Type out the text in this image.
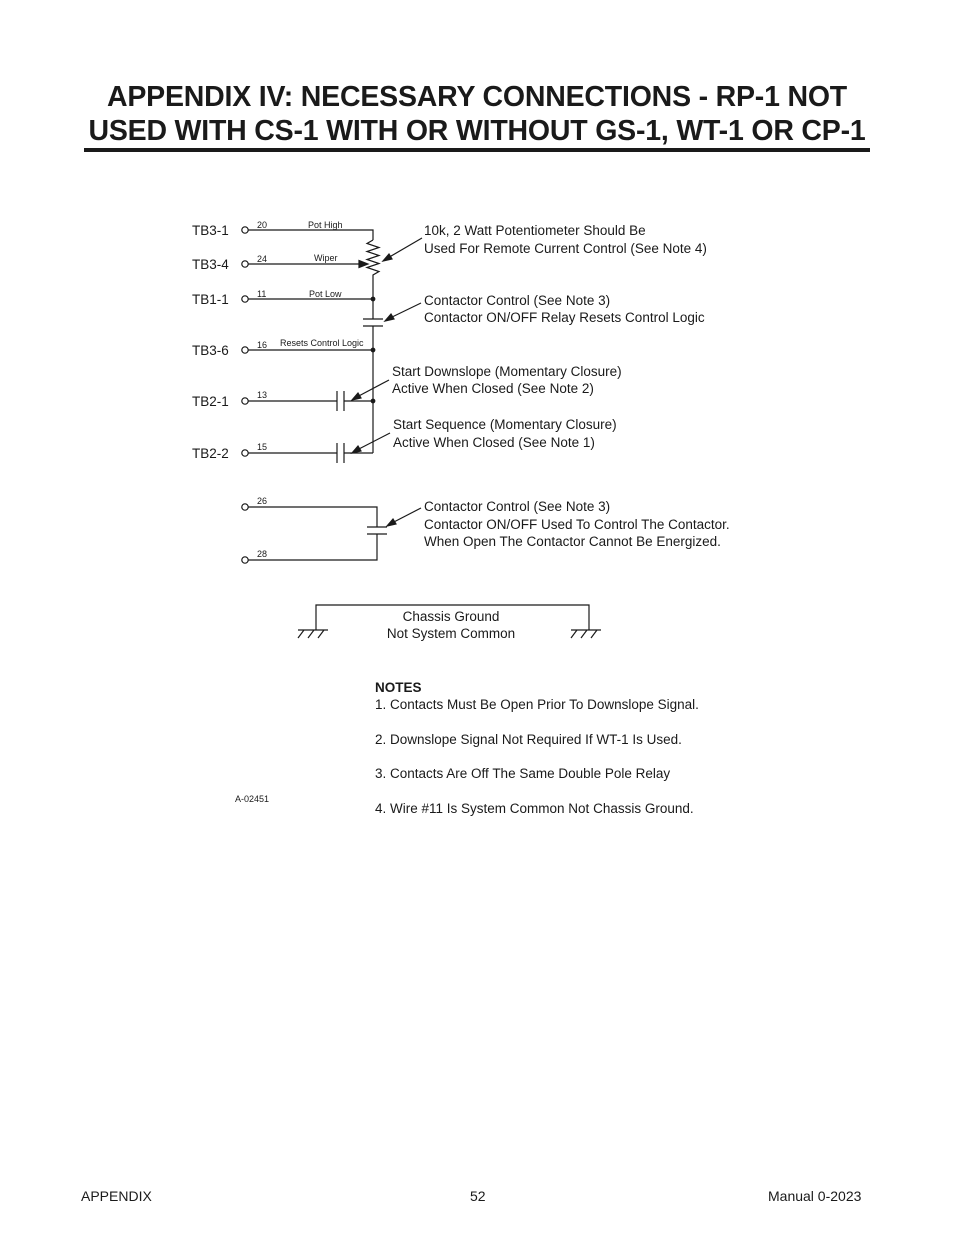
APPENDIX IV: NECESSARY CONNECTIONS - RP-1 NOT
USED WITH CS-1 WITH OR WITHOUT GS-1, WT-1 OR CP-1
TB3-1
TB3-4
TB1-1
TB3-6
TB2-1
TB2-2
20
24
11
16
13
15
26
28
Pot High
Wiper
Pot Low
Resets Control Logic
10k, 2 Watt Potentiometer Should Be
Used For Remote Current Control (See Note 4)
Contactor Control (See Note 3)
Contactor ON/OFF Relay Resets Control Logic
Start Downslope (Momentary Closure)
Active When Closed (See Note 2)
Start Sequence (Momentary Closure)
Active When Closed (See Note 1)
Contactor Control (See Note 3)
Contactor ON/OFF Used To Control The Contactor.
When Open The Contactor Cannot Be Energized.
Chassis Ground
Not System Common
A-02451
NOTES
1. Contacts Must Be Open Prior To Downslope Signal.
2. Downslope Signal Not Required If WT-1 Is Used.
3. Contacts Are Off The Same Double Pole Relay
4. Wire #11 Is System Common Not Chassis Ground.
APPENDIX	52	Manual 0-2023
